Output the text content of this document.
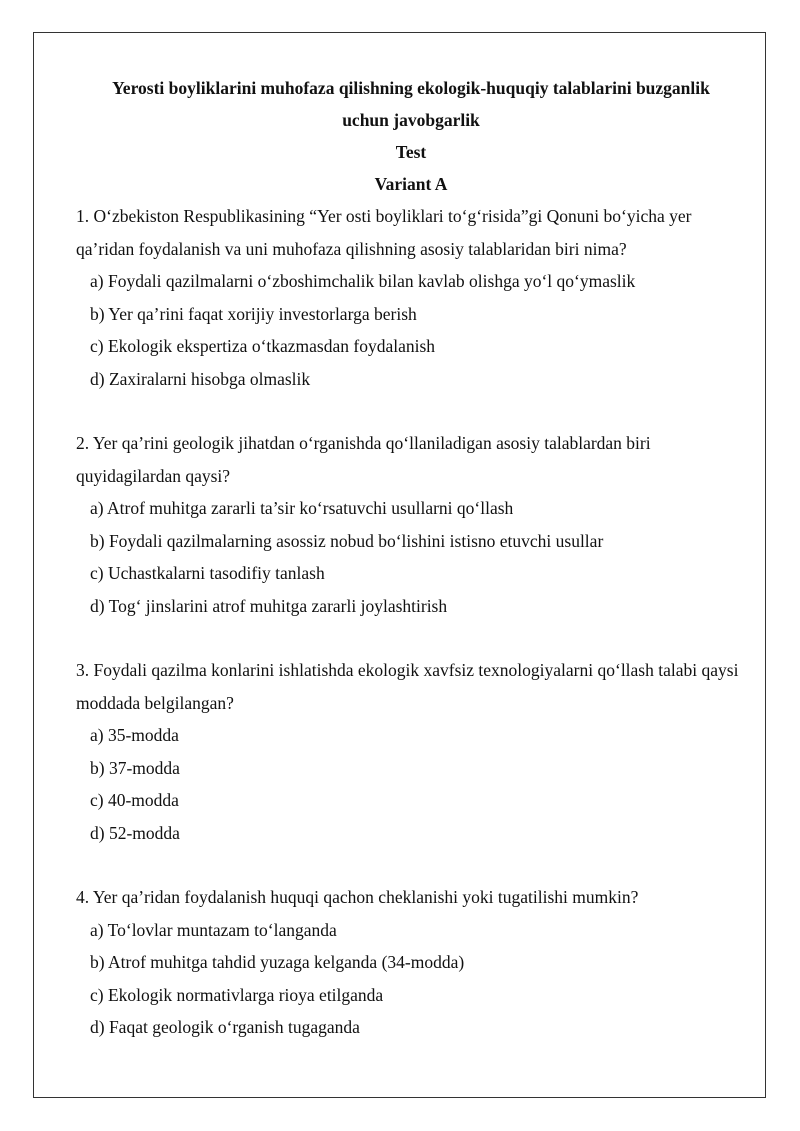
Yerosti boyliklarini muhofaza qilishning ekologik-huquqiy talablarini buzganlik
uchun javobgarlik
Test
Variant A

1. O‘zbekiston Respublikasining “Yer osti boyliklari to‘g‘risida”gi Qonuni bo‘yicha yer qa’ridan foydalanish va uni muhofaza qilishning asosiy talablaridan biri nima?

a) Foydali qazilmalarni o‘zboshimchalik bilan kavlab olishga yo‘l qo‘ymaslik
b) Yer qa’rini faqat xorijiy investorlarga berish
c) Ekologik ekspertiza o‘tkazmasdan foydalanish
d) Zaxiralarni hisobga olmaslik

2. Yer qa’rini geologik jihatdan o‘rganishda qo‘llaniladigan asosiy talablardan biri quyidagilardan qaysi?

a) Atrof muhitga zararli ta’sir ko‘rsatuvchi usullarni qo‘llash
b) Foydali qazilmalarning asossiz nobud bo‘lishini istisno etuvchi usullar
c) Uchastkalarni tasodifiy tanlash
d) Tog‘ jinslarini atrof muhitga zararli joylashtirish

3. Foydali qazilma konlarini ishlatishda ekologik xavfsiz texnologiyalarni qo‘llash talabi qaysi moddada belgilangan?

a) 35-modda
b) 37-modda
c) 40-modda
d) 52-modda

4. Yer qa’ridan foydalanish huquqi qachon cheklanishi yoki tugatilishi mumkin?

a) To‘lovlar muntazam to‘langanda
b) Atrof muhitga tahdid yuzaga kelganda (34-modda)
c) Ekologik normativlarga rioya etilganda
d) Faqat geologik o‘rganish tugaganda
